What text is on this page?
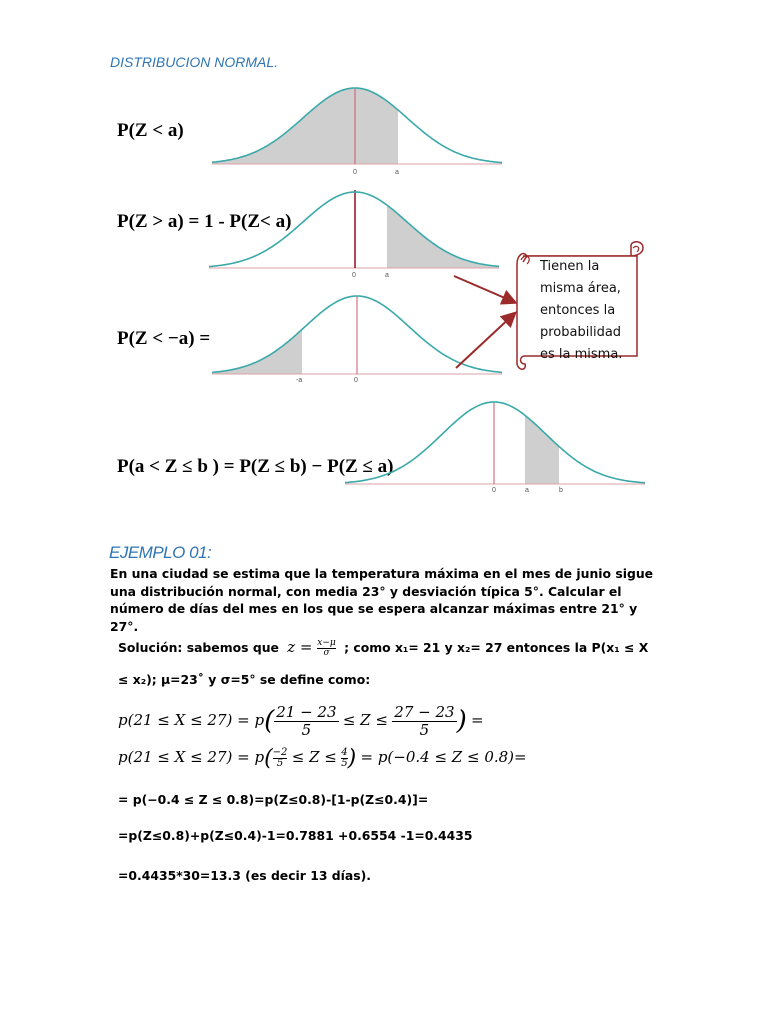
DISTRIBUCION NORMAL.
P(Z < a)
P(Z > a) = 1 - P(Z< a)
P(Z < −a) =
P(a < Z ≤ b ) = P(Z ≤ b) − P(Z ≤ a)
0	a
0	a
-a	0
0	a	b
Tienen la
misma área,
entonces la
probabilidad
es la misma.
EJEMPLO 01:
En una ciudad se estima que la temperatura máxima en el mes de junio sigue una distribución normal, con media 23° y desviación típica 5°. Calcular el número de días del mes en los que se espera alcanzar máximas entre 21° y 27°.
Solución: sabemos que $z = \frac{x-\mu}{\sigma}$ ; como x₁= 21 y x₂= 27 entonces la P(x₁ ≤ X
≤ x₂); μ=23˚ y σ=5° se define como:
$p(21 \le X \le 27) = p( \frac{21 - 23}{5} \le Z \le \frac{27 - 23}{5}$ ) =
$p(21 \le X \le 27) = p( \frac{-2}{5} \le Z \le \frac{4}{5}$ ) = p(−0.4 ≤ Z ≤ 0.8)=
= p(−0.4 ≤ Z ≤ 0.8)=p(Z≤0.8)-[1-p(Z≤0.4)]=
=p(Z≤0.8)+p(Z≤0.4)-1=0.7881 +0.6554 -1=0.4435
=0.4435*30=13.3 (es decir 13 días).
